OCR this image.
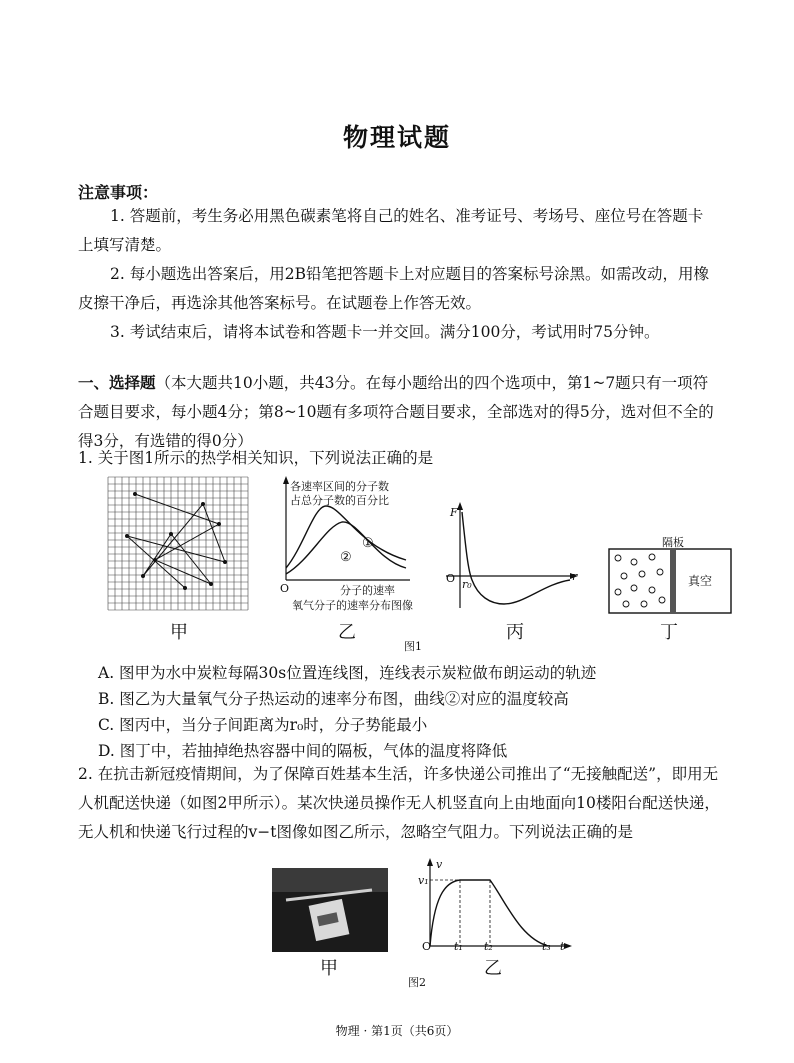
物理试题
注意事项：
1. 答题前，考生务必用黑色碳素笔将自己的姓名、准考证号、考场号、座位号在答题卡上填写清楚。
2. 每小题选出答案后，用2B铅笔把答题卡上对应题目的答案标号涂黑。如需改动，用橡皮擦干净后，再选涂其他答案标号。在试题卷上作答无效。
3. 考试结束后，请将本试卷和答题卡一并交回。满分100分，考试用时75分钟。
一、选择题（本大题共10小题，共43分。在每小题给出的四个选项中，第1~7题只有一项符合题目要求，每小题4分；第8~10题有多项符合题目要求，全部选对的得5分，选对但不全的得3分，有选错的得0分）
1. 关于图1所示的热学相关知识，下列说法正确的是
甲
各速率区间的分子数
占总分子数的百分比
①
②
O	分子的速率
氧气分子的速率分布图像
乙
F
O r₀
r
丙
隔板
真空
丁
图1
A. 图甲为水中炭粒每隔30s位置连线图，连线表示炭粒做布朗运动的轨迹
B. 图乙为大量氧气分子热运动的速率分布图，曲线②对应的温度较高
C. 图丙中，当分子间距离为r₀时，分子势能最小
D. 图丁中，若抽掉绝热容器中间的隔板，气体的温度将降低
2. 在抗击新冠疫情期间，为了保障百姓基本生活，许多快递公司推出了“无接触配送”，即用无人机配送快递（如图2甲所示）。某次快递员操作无人机竖直向上由地面向10楼阳台配送快递，无人机和快递飞行过程的v−t图像如图乙所示，忽略空气阻力。下列说法正确的是
v
v₁
O t₁ t₂	t₃ t
甲	乙
图2
物理 · 第1页（共6页）
